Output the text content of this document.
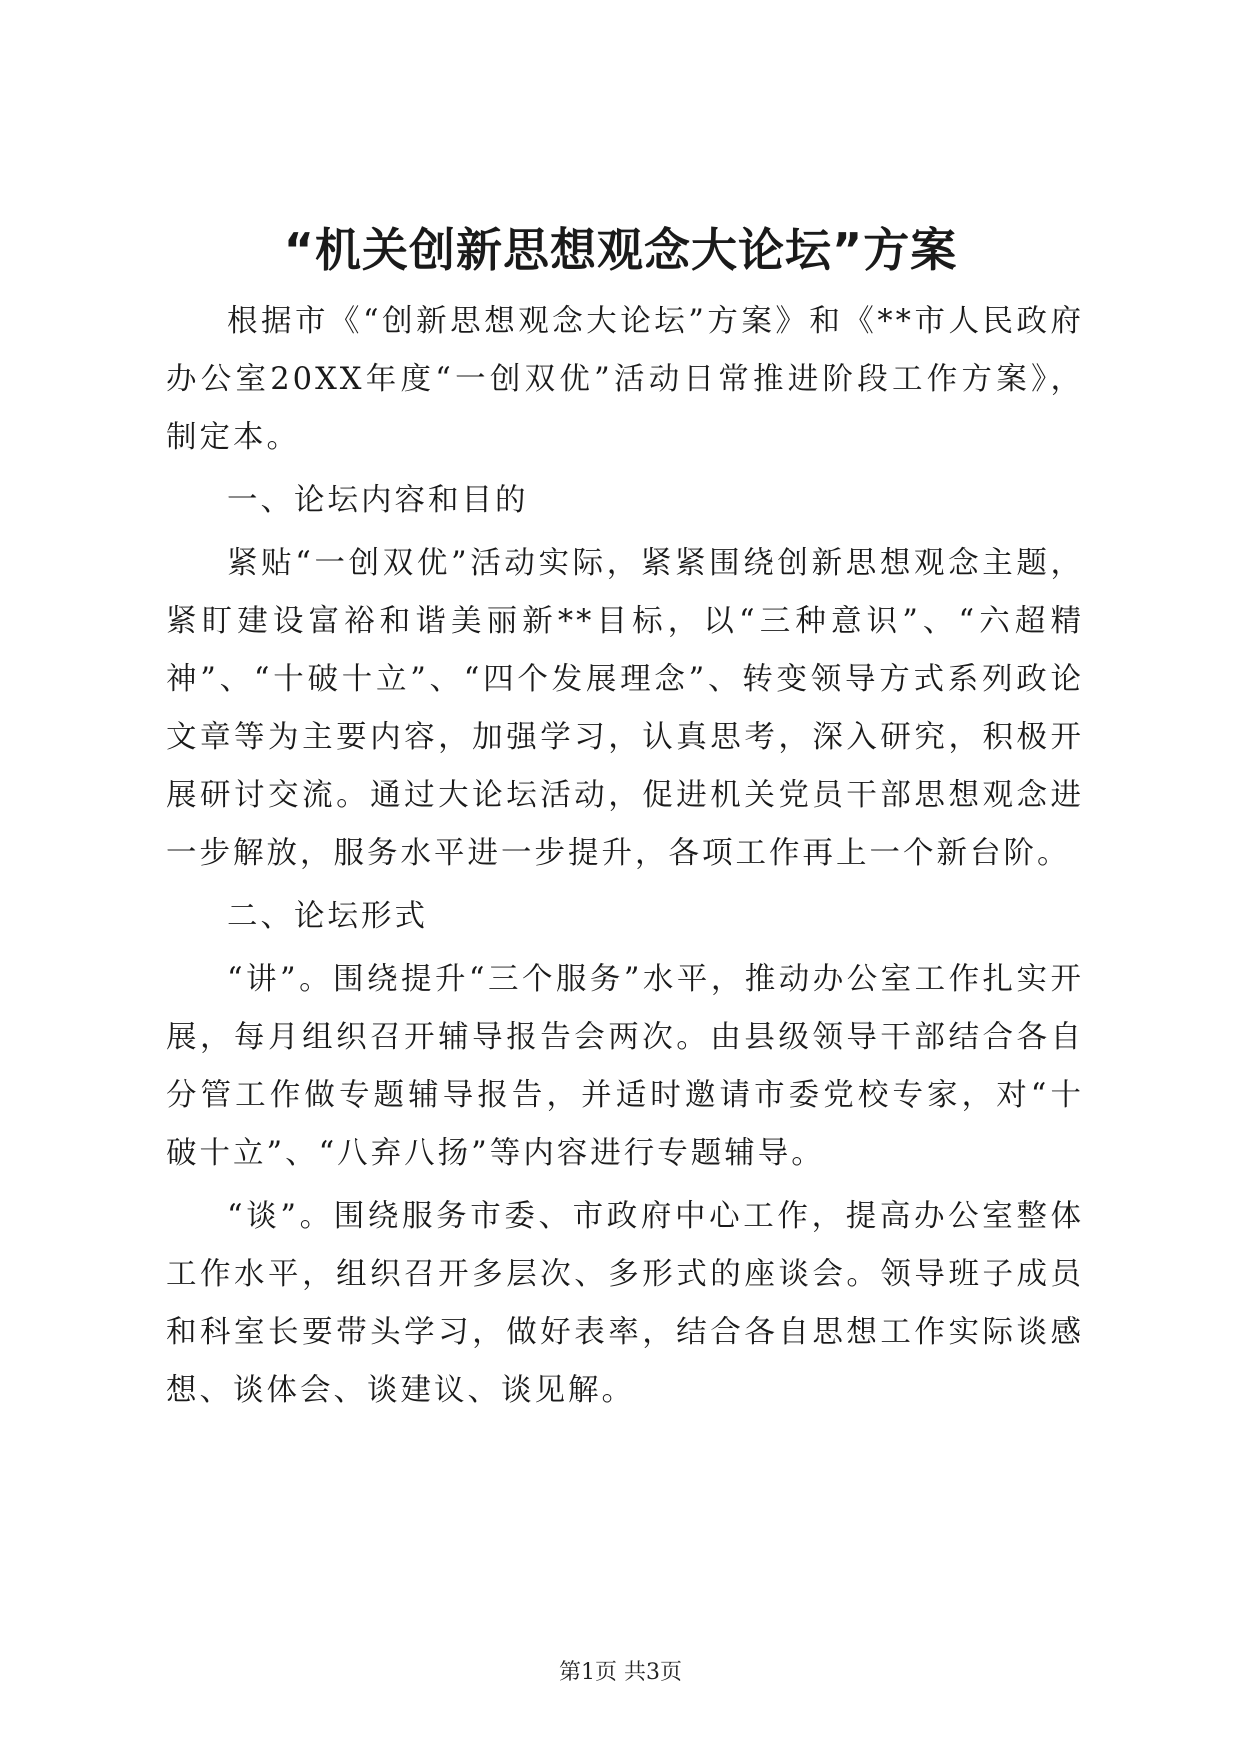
“机关创新思想观念大论坛”方案

根据市《“创新思想观念大论坛”方案》和《**市人民政府办公室20XX年度“一创双优”活动日常推进阶段工作方案》，制定本。

一、论坛内容和目的

紧贴“一创双优”活动实际，紧紧围绕创新思想观念主题，紧盯建设富裕和谐美丽新**目标，以“三种意识”、“六超精神”、“十破十立”、“四个发展理念”、转变领导方式系列政论文章等为主要内容，加强学习，认真思考，深入研究，积极开展研讨交流。通过大论坛活动，促进机关党员干部思想观念进一步解放，服务水平进一步提升，各项工作再上一个新台阶。

二、论坛形式

“讲”。围绕提升“三个服务”水平，推动办公室工作扎实开展，每月组织召开辅导报告会两次。由县级领导干部结合各自分管工作做专题辅导报告，并适时邀请市委党校专家，对“十破十立”、“八弃八扬”等内容进行专题辅导。

“谈”。围绕服务市委、市政府中心工作，提高办公室整体工作水平，组织召开多层次、多形式的座谈会。领导班子成员和科室长要带头学习，做好表率，结合各自思想工作实际谈感想、谈体会、谈建议、谈见解。

第1页 共3页
